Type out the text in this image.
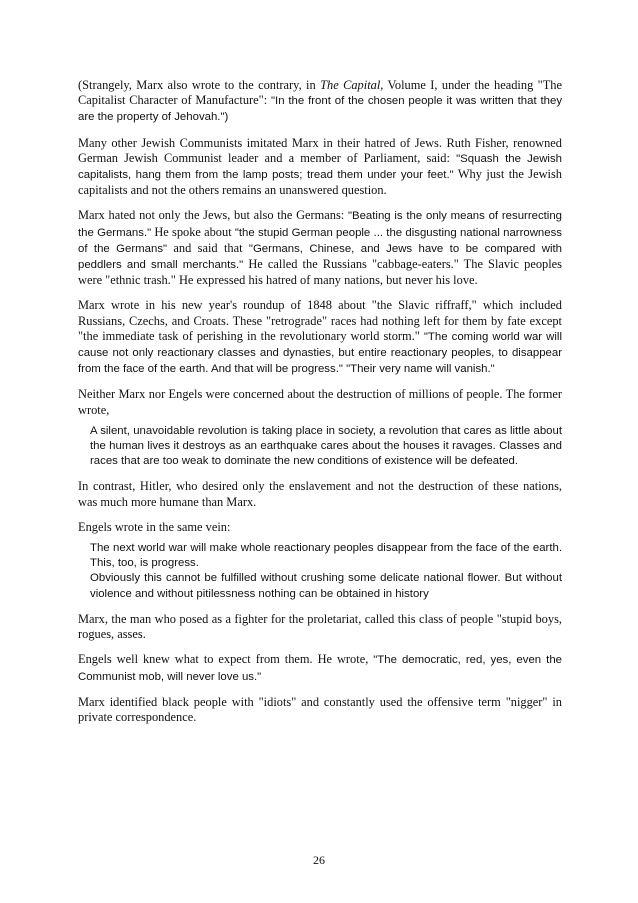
(Strangely, Marx also wrote to the contrary, in The Capital, Volume I, under the heading "The Capitalist Character of Manufacture": "In the front of the chosen people it was written that they are the property of Jehovah.")

Many other Jewish Communists imitated Marx in their hatred of Jews. Ruth Fisher, renowned German Jewish Communist leader and a member of Parliament, said: "Squash the Jewish capitalists, hang them from the lamp posts; tread them under your feet." Why just the Jewish capitalists and not the others remains an unanswered question.

Marx hated not only the Jews, but also the Germans: "Beating is the only means of resurrecting the Germans." He spoke about "the stupid German people ... the disgusting national narrowness of the Germans" and said that "Germans, Chinese, and Jews have to be compared with peddlers and small merchants." He called the Russians "cabbage-eaters." The Slavic peoples were "ethnic trash." He expressed his hatred of many nations, but never his love.

Marx wrote in his new year's roundup of 1848 about "the Slavic riffraff," which included Russians, Czechs, and Croats. These "retrograde" races had nothing left for them by fate except "the immediate task of perishing in the revolutionary world storm." "The coming world war will cause not only reactionary classes and dynasties, but entire reactionary peoples, to disappear from the face of the earth. And that will be progress." "Their very name will vanish."

Neither Marx nor Engels were concerned about the destruction of millions of people. The former wrote,

A silent, unavoidable revolution is taking place in society, a revolution that cares as little about the human lives it destroys as an earthquake cares about the houses it ravages. Classes and races that are too weak to dominate the new conditions of existence will be defeated.

In contrast, Hitler, who desired only the enslavement and not the destruction of these nations, was much more humane than Marx.

Engels wrote in the same vein:

The next world war will make whole reactionary peoples disappear from the face of the earth. This, too, is progress.
Obviously this cannot be fulfilled without crushing some delicate national flower. But without violence and without pitilessness nothing can be obtained in history

Marx, the man who posed as a fighter for the proletariat, called this class of people "stupid boys, rogues, asses.

Engels well knew what to expect from them. He wrote, "The democratic, red, yes, even the Communist mob, will never love us."

Marx identified black people with "idiots" and constantly used the offensive term "nigger" in private correspondence.

26
